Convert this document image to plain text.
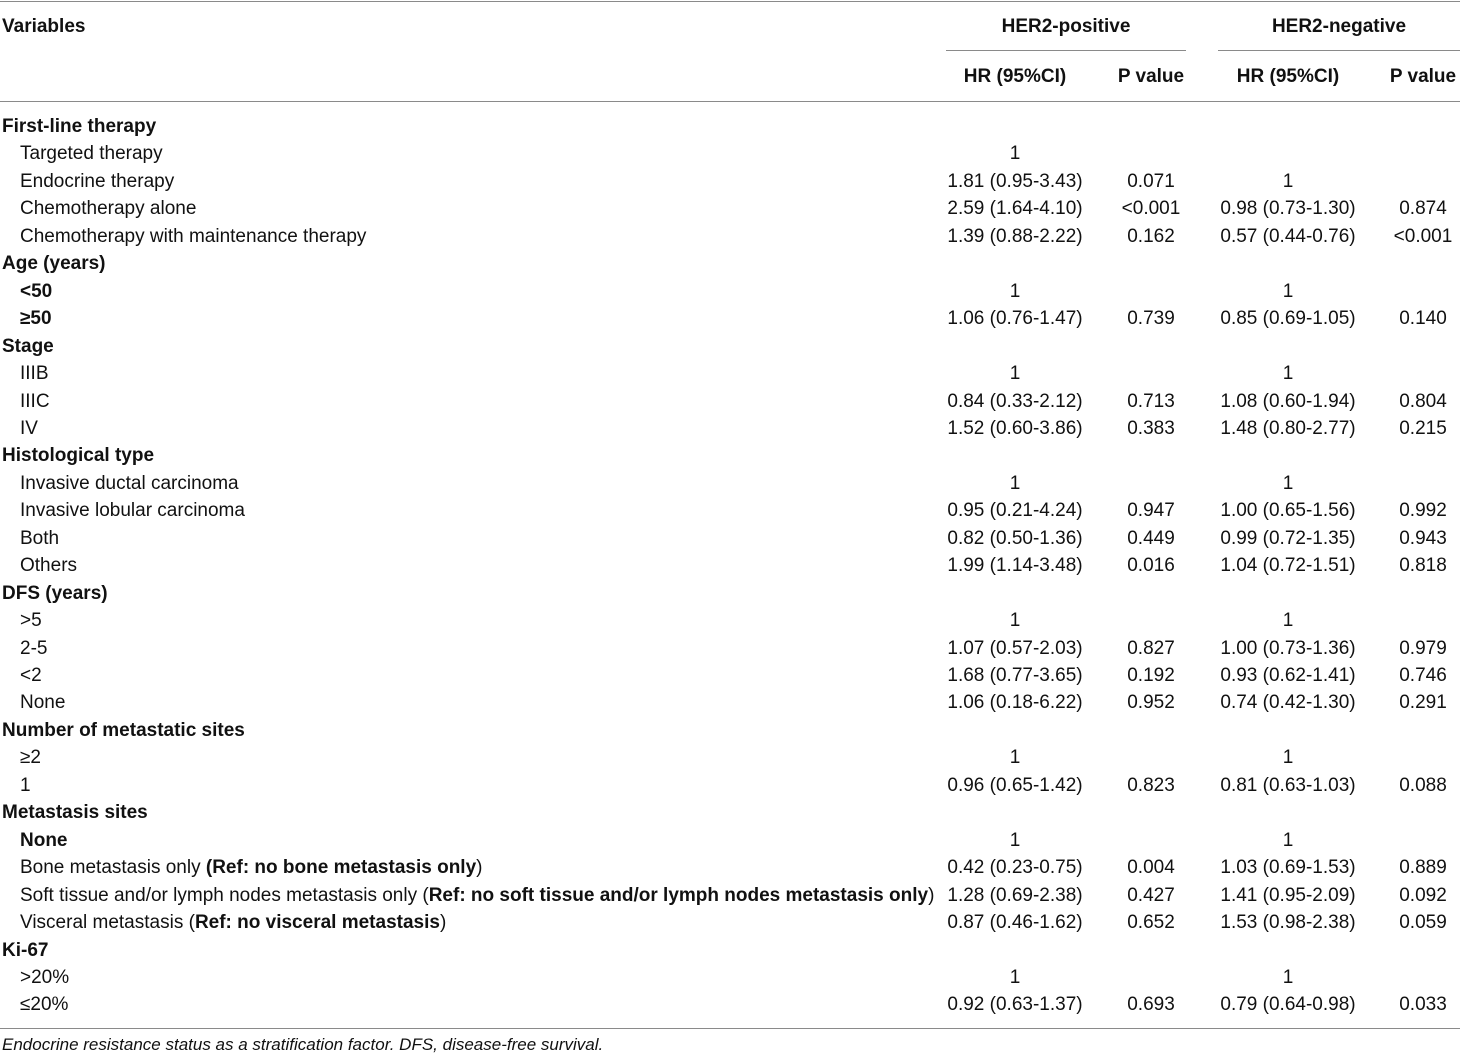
Variables	HER2-positive	HER2-negative
HR (95%CI)	P value	HR (95%CI)	P value
First-line therapy
Targeted therapy	1
Endocrine therapy	1.81 (0.95-3.43)	0.071	1
Chemotherapy alone	2.59 (1.64-4.10)	<0.001	0.98 (0.73-1.30)	0.874
Chemotherapy with maintenance therapy	1.39 (0.88-2.22)	0.162	0.57 (0.44-0.76)	<0.001
Age (years)
<50	1	1
≥50	1.06 (0.76-1.47)	0.739	0.85 (0.69-1.05)	0.140
Stage
IIIB	1	1
IIIC	0.84 (0.33-2.12)	0.713	1.08 (0.60-1.94)	0.804
IV	1.52 (0.60-3.86)	0.383	1.48 (0.80-2.77)	0.215
Histological type
Invasive ductal carcinoma	1	1
Invasive lobular carcinoma	0.95 (0.21-4.24)	0.947	1.00 (0.65-1.56)	0.992
Both	0.82 (0.50-1.36)	0.449	0.99 (0.72-1.35)	0.943
Others	1.99 (1.14-3.48)	0.016	1.04 (0.72-1.51)	0.818
DFS (years)
>5	1	1
2-5	1.07 (0.57-2.03)	0.827	1.00 (0.73-1.36)	0.979
<2	1.68 (0.77-3.65)	0.192	0.93 (0.62-1.41)	0.746
None	1.06 (0.18-6.22)	0.952	0.74 (0.42-1.30)	0.291
Number of metastatic sites
≥2	1	1
1	0.96 (0.65-1.42)	0.823	0.81 (0.63-1.03)	0.088
Metastasis sites
None	1	1
Bone metastasis only (Ref: no bone metastasis only)	0.42 (0.23-0.75)	0.004	1.03 (0.69-1.53)	0.889
Soft tissue and/or lymph nodes metastasis only (Ref: no soft tissue and/or lymph nodes metastasis only) 1.28 (0.69-2.38)	0.427	1.41 (0.95-2.09)	0.092
Visceral metastasis (Ref: no visceral metastasis)	0.87 (0.46-1.62)	0.652	1.53 (0.98-2.38)	0.059
Ki-67
>20%	1	1
≤20%	0.92 (0.63-1.37)	0.693	0.79 (0.64-0.98)	0.033
Endocrine resistance status as a stratification factor. DFS, disease-free survival.
